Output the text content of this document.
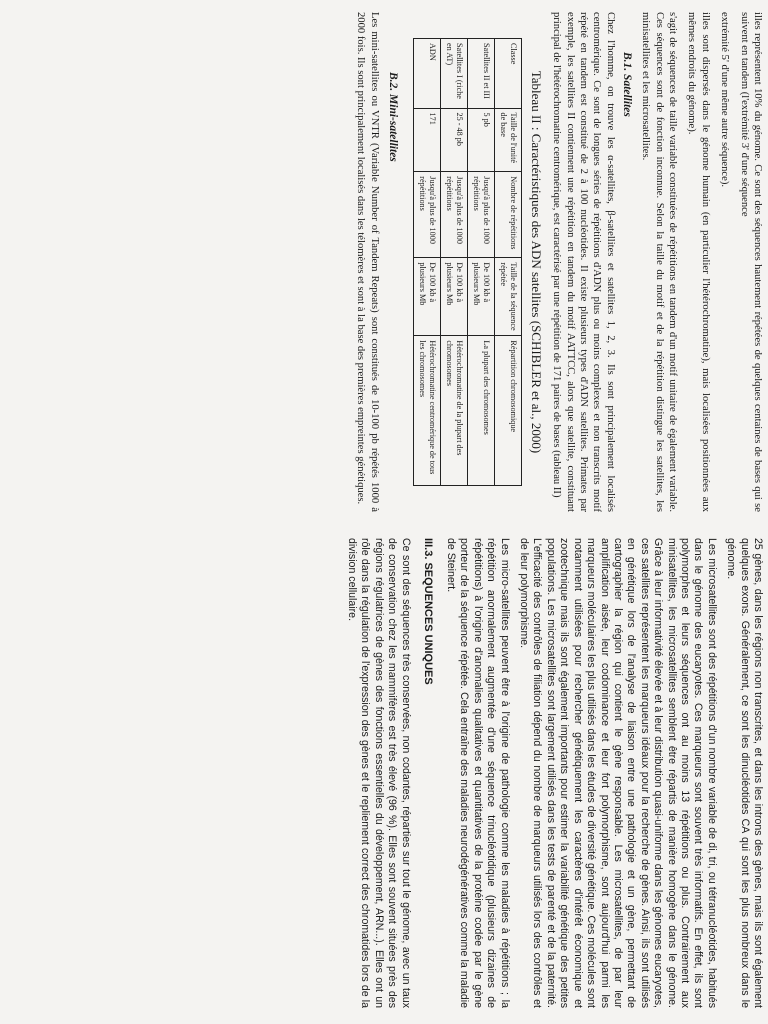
illes représentent 10% du génome. Ce sont des séquences hautement répétées de quelques centaines de bases qui se suivent en tandem (l'extrémité 3' d'une séquence

extrémité 5' d'une même autre séquence).

illes sont dispersés dans le génome humain (en particulier l'hétérochromatine), mais localisées positionnées aux mêmes endroits du génome).

s'agit de séquences de taille variable constituées de répétitions en tandem d'un motif unitaire de également variable. Ces séquences sont de fonction inconnue. Selon la taille du motif et de la répétition distingue les satellites, les minisatellites et les microsatellites.

B.1. Satellites

Chez l'homme, on trouve les α-satellites, β-satellites et satellites 1, 2, 3. Ils sont principalement localisés centromérique. Ce sont de longues séries de répétitions d'ADN plus ou moins complexes et non transcrits motif répété en tandem est constitué de 2 à 100 nucléotides. Il existe plusieurs types d'ADN satellites. Primates par exemple, les satellites II contiennent une répétition en tandem du motif AATTCC, alors que satellite, constituant principal de l'hétérochromatine centromérique, est caractérisé par une répétition de 171 paires de bases (tableau II)

Tableau II : Caractéristiques des ADN satellites (SCHIBLER et al., 2000)
Classe	Taille de l'unité de base	Nombre de répétitions	Taille de la séquence répétée	Répartition chromosomique
Satellites II et III	5 pb	Jusqu'à plus de 1000 répétitions	De 100 kb à plusieurs Mb	La plupart des chromosomes
Satellites I (riche en AT)	25 - 48 pb	Jusqu'à plus de 1000 répétitions	De 100 kb à plusieurs Mb	Hétérochromatine de la plupart des chromosomes
ADN	171	Jusqu'à plus de 1000 répétitions	De 100 kb à plusieurs Mb	Hétérochromatine centromérique de tous les chromosomes
B.2. Mini-satellites

Les mini-satellites ou VNTR (Variable Number of Tandem Repeats) sont constitués de 10-100 pb répétés 1000 à 2000 fois. Ils sont principalement localisés dans les télomères et sont à la base des premières empreintes génétiques.

25 gènes, dans les régions non transcrites, et dans les introns des gènes, mais ils sont également quelques exons. Généralement, ce sont les dinucléotides CA qui sont les plus nombreux dans le génome.

Les microsatellites sont des répétitions d'un nombre variable de di, tri, ou tétranucléotides, habitués dans le génome des eucaryotes. Ces marqueurs sont souvent très informatifs. En effet, ils sont polymorphes et leurs séquences ont au moins 13 répétitions ou plus. Contrairement aux minisatellites, les microsatellites semblent être répartis de manière homogène dans le génome. Grâce à leur informativité élevée et à leur distribution quasi-uniforme dans les génomes eucaryotes, ces satellites représentent les marqueurs idéaux pour la recherche de gènes. Ainsi, ils sont utilisés en génétique lors de l'analyse de liaison entre une pathologie et un gène, permettant de cartographier la région qui contient le gène responsable. Les microsatellites, de par leur amplification aisée, leur codominance et leur fort polymorphisme, sont aujourd'hui parmi les marqueurs moléculaires les plus utilisés dans les études de diversité génétique. Ces molécules sont notamment utilisées pour rechercher génétiquement les caractères d'intérêt économique et zootechnique mais ils sont également importants pour estimer la variabilité génétique des petites populations. Les microsatellites sont largement utilisés dans les tests de parenté et de la paternité. L'efficacité des contrôles de filiation dépend du nombre de marqueurs utilisés lors des contrôles et de leur polymorphisme.

Les micro-satellites peuvent être à l'origine de pathologie comme les maladies à répétitions ; la répétition anormalement augmentée d'une séquence trinucléotidique (plusieurs dizaines de répétitions) à l'origine d'anomalies qualitatives et quantitatives de la protéine codée par le gène porteur de la séquence répétée. Cela entraîne des maladies neurodégénératives comme la maladie de Steinert.

III.3. SEQUENCES UNIQUES

Ce sont des séquences très conservées, non codantes, réparties sur tout le génome, avec un taux de conservation chez les mammifères est très élevé (96 %). Elles sont souvent situées près des régions régulatrices de gènes des fonctions essentielles du développement, ARN...). Elles ont un rôle dans la régulation de l'expression des gènes et le repliement correct des chromatides lors de la division cellulaire.
